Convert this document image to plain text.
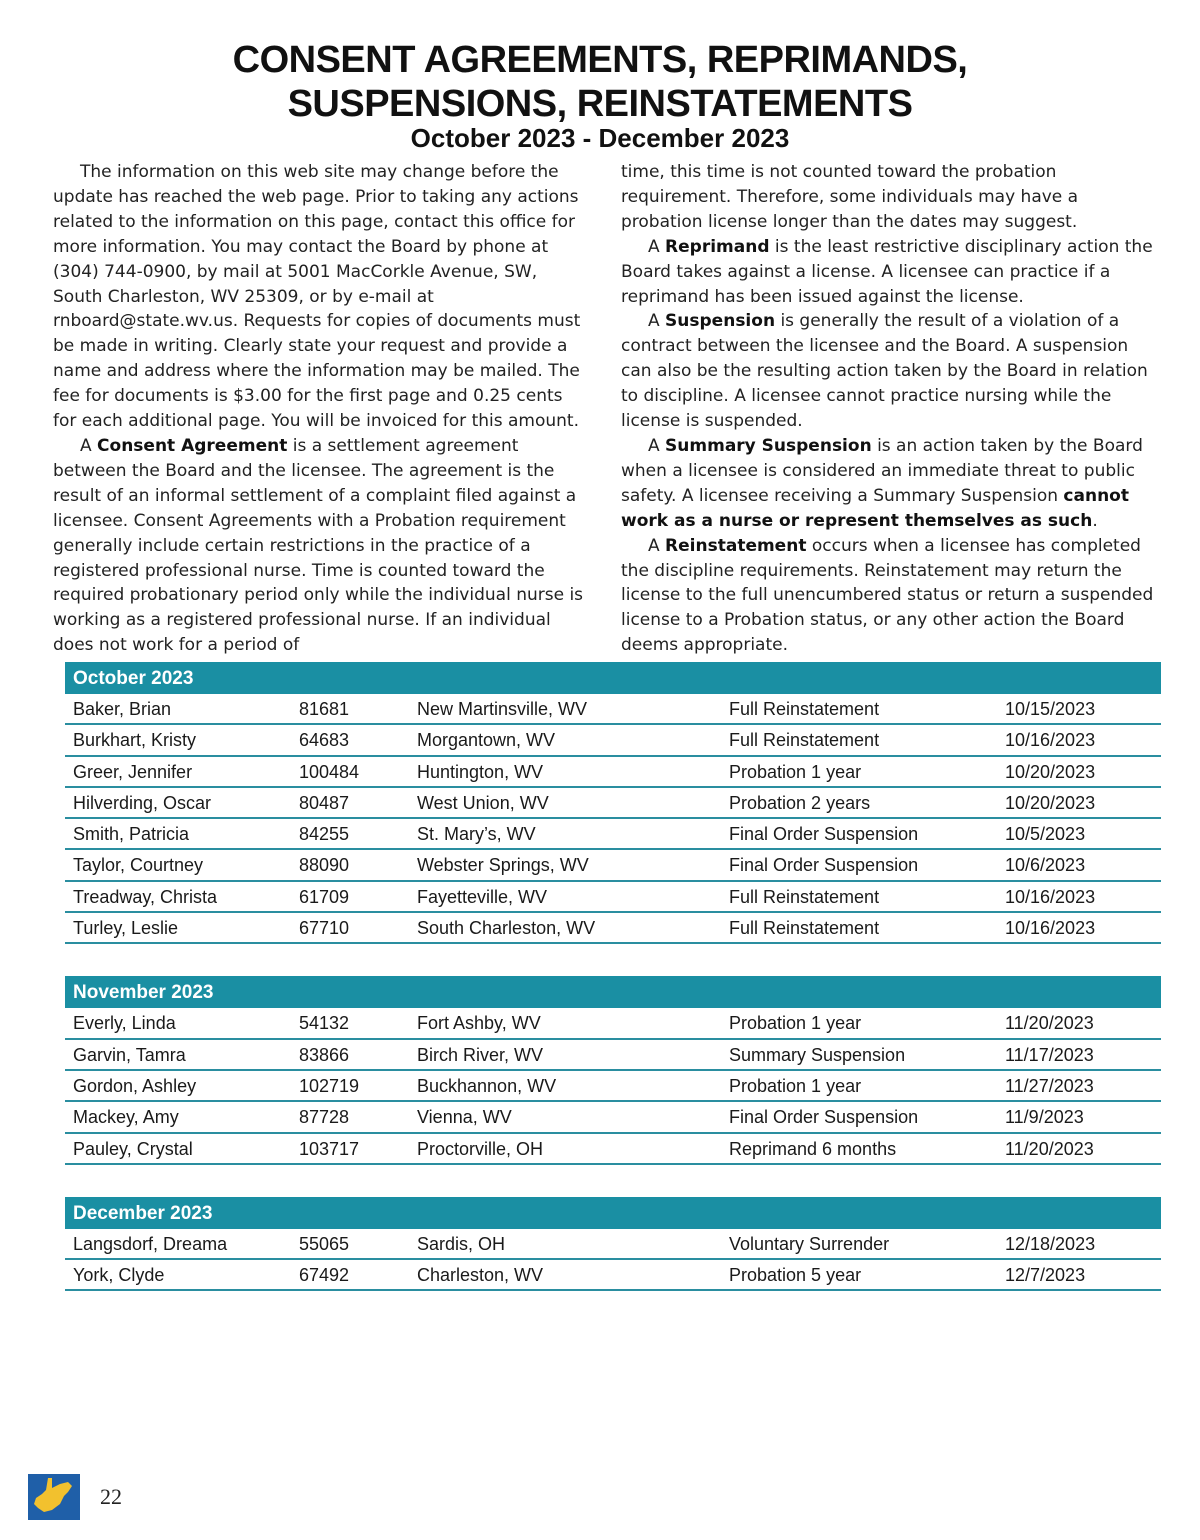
CONSENT AGREEMENTS, REPRIMANDS,
SUSPENSIONS, REINSTATEMENTS
October 2023 - December 2023

The information on this web site may change before the update has reached the web page. Prior to taking any actions related to the information on this page, contact this office for more information. You may contact the Board by phone at (304) 744-0900, by mail at 5001 MacCorkle Avenue, SW, South Charleston, WV 25309, or by e-mail at rnboard@state.wv.us. Requests for copies of documents must be made in writing. Clearly state your request and provide a name and address where the information may be mailed. The fee for documents is $3.00 for the first page and 0.25 cents for each additional page. You will be invoiced for this amount.

A Consent Agreement is a settlement agreement between the Board and the licensee. The agreement is the result of an informal settlement of a complaint filed against a licensee. Consent Agreements with a Probation requirement generally include certain restrictions in the practice of a registered professional nurse. Time is counted toward the required probationary period only while the individual nurse is working as a registered professional nurse. If an individual does not work for a period of

time, this time is not counted toward the probation requirement. Therefore, some individuals may have a probation license longer than the dates may suggest.

A Reprimand is the least restrictive disciplinary action the Board takes against a license. A licensee can practice if a reprimand has been issued against the license.

A Suspension is generally the result of a violation of a contract between the licensee and the Board. A suspension can also be the resulting action taken by the Board in relation to discipline. A licensee cannot practice nursing while the license is suspended.

A Summary Suspension is an action taken by the Board when a licensee is considered an immediate threat to public safety. A licensee receiving a Summary Suspension cannot work as a nurse or represent themselves as such.

A Reinstatement occurs when a licensee has completed the discipline requirements. Reinstatement may return the license to the full unencumbered status or return a suspended license to a Probation status, or any other action the Board deems appropriate.

October 2023
Baker, Brian	81681	New Martinsville, WV	Full Reinstatement	10/15/2023
Burkhart, Kristy	64683	Morgantown, WV	Full Reinstatement	10/16/2023
Greer, Jennifer	100484	Huntington, WV	Probation 1 year	10/20/2023
Hilverding, Oscar	80487	West Union, WV	Probation 2 years	10/20/2023
Smith, Patricia	84255	St. Mary’s, WV	Final Order Suspension	10/5/2023
Taylor, Courtney	88090	Webster Springs, WV	Final Order Suspension	10/6/2023
Treadway, Christa	61709	Fayetteville, WV	Full Reinstatement	10/16/2023
Turley, Leslie	67710	South Charleston, WV	Full Reinstatement	10/16/2023
November 2023
Everly, Linda	54132	Fort Ashby, WV	Probation 1 year	11/20/2023
Garvin, Tamra	83866	Birch River, WV	Summary Suspension	11/17/2023
Gordon, Ashley	102719	Buckhannon, WV	Probation 1 year	11/27/2023
Mackey, Amy	87728	Vienna, WV	Final Order Suspension	11/9/2023
Pauley, Crystal	103717	Proctorville, OH	Reprimand 6 months	11/20/2023
December 2023
Langsdorf, Dreama	55065	Sardis, OH	Voluntary Surrender	12/18/2023
York, Clyde	67492	Charleston, WV	Probation 5 year	12/7/2023
22
